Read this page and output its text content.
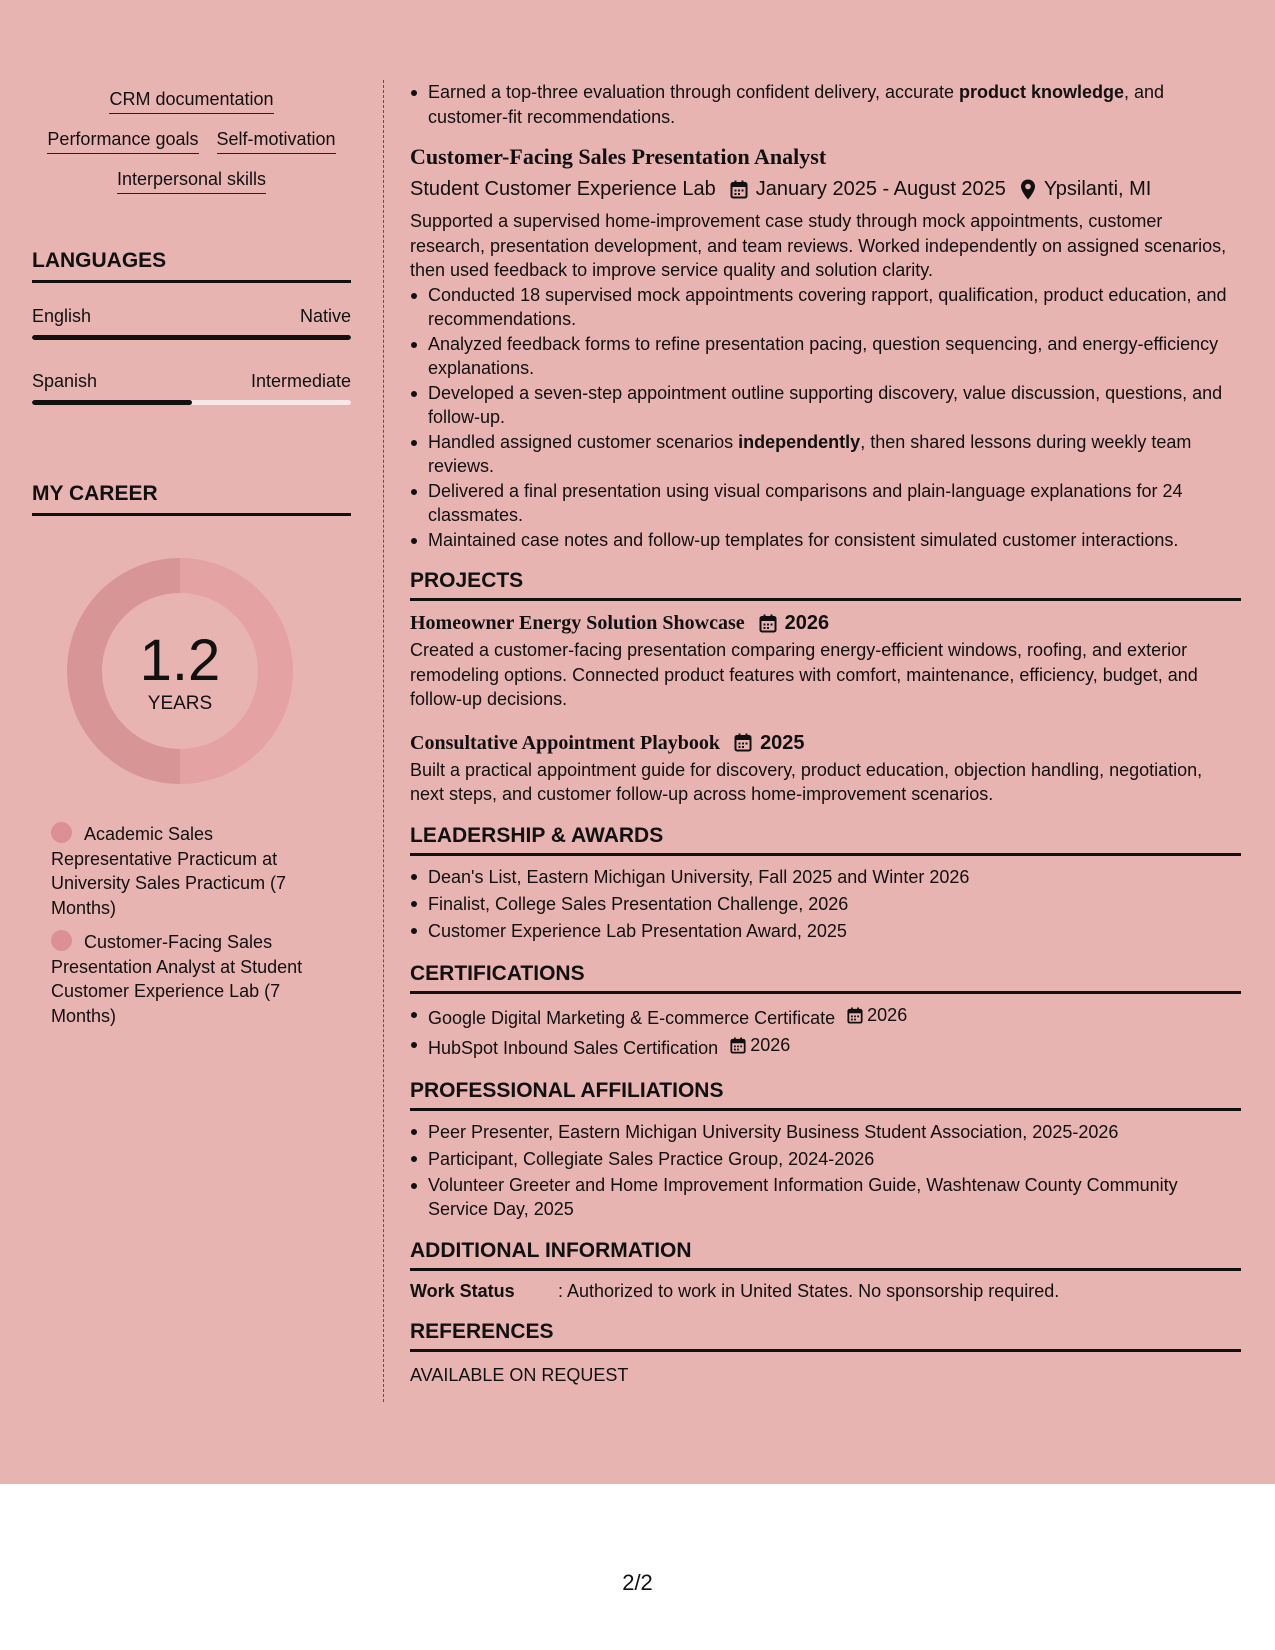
CRM documentation
Performance goals Self-motivation
Interpersonal skills
LANGUAGES
English	Native
Spanish	Intermediate
MY CAREER
1.2
YEARS
Academic Sales Representative Practicum at University Sales Practicum (7 Months)
Customer-Facing Sales Presentation Analyst at Student Customer Experience Lab (7 Months)
Earned a top-three evaluation through confident delivery, accurate product knowledge, and customer-fit recommendations.
Customer-Facing Sales Presentation Analyst
Student Customer Experience Lab January 2025 - August 2025 Ypsilanti, MI
Supported a supervised home-improvement case study through mock appointments, customer research, presentation development, and team reviews. Worked independently on assigned scenarios, then used feedback to improve service quality and solution clarity.
Conducted 18 supervised mock appointments covering rapport, qualification, product education, and recommendations.
Analyzed feedback forms to refine presentation pacing, question sequencing, and energy-efficiency explanations.
Developed a seven-step appointment outline supporting discovery, value discussion, questions, and follow-up.
Handled assigned customer scenarios independently, then shared lessons during weekly team reviews.
Delivered a final presentation using visual comparisons and plain-language explanations for 24 classmates.
Maintained case notes and follow-up templates for consistent simulated customer interactions.
PROJECTS
Homeowner Energy Solution Showcase 2026
Created a customer-facing presentation comparing energy-efficient windows, roofing, and exterior remodeling options. Connected product features with comfort, maintenance, efficiency, budget, and follow-up decisions.
Consultative Appointment Playbook 2025
Built a practical appointment guide for discovery, product education, objection handling, negotiation, next steps, and customer follow-up across home-improvement scenarios.
LEADERSHIP & AWARDS
Dean's List, Eastern Michigan University, Fall 2025 and Winter 2026
Finalist, College Sales Presentation Challenge, 2026
Customer Experience Lab Presentation Award, 2025
CERTIFICATIONS
Google Digital Marketing & E-commerce Certificate 2026
HubSpot Inbound Sales Certification 2026
PROFESSIONAL AFFILIATIONS
Peer Presenter, Eastern Michigan University Business Student Association, 2025-2026
Participant, Collegiate Sales Practice Group, 2024-2026
Volunteer Greeter and Home Improvement Information Guide, Washtenaw County Community Service Day, 2025
ADDITIONAL INFORMATION
Work Status	: Authorized to work in United States. No sponsorship required.
REFERENCES
AVAILABLE ON REQUEST
2/2
